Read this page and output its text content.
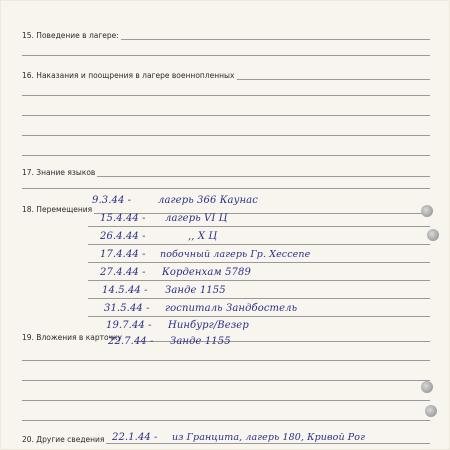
15. Поведение в лагере:
16. Наказания и поощрения в лагере военнопленных
17. Знание языков
18. Перемещения
9.3.44 -	лагерь 366 Каунас
15.4.44 - лагерь VI Ц
26.4.44 -	,, X Ц
17.4.44 - побочный лагерь Гр. Хессепе
27.4.44 - Корденхам 5789
14.5.44 - Зандe 1155
31.5.44 - госпиталь Зандбостель
19.7.44 - Нинбург/Везер
19. Вложения в карточку
22.7.44 - Зандe 1155
20. Другие сведения 22.1.44 - из Гранцита, лагерь 180, Кривой Рог
